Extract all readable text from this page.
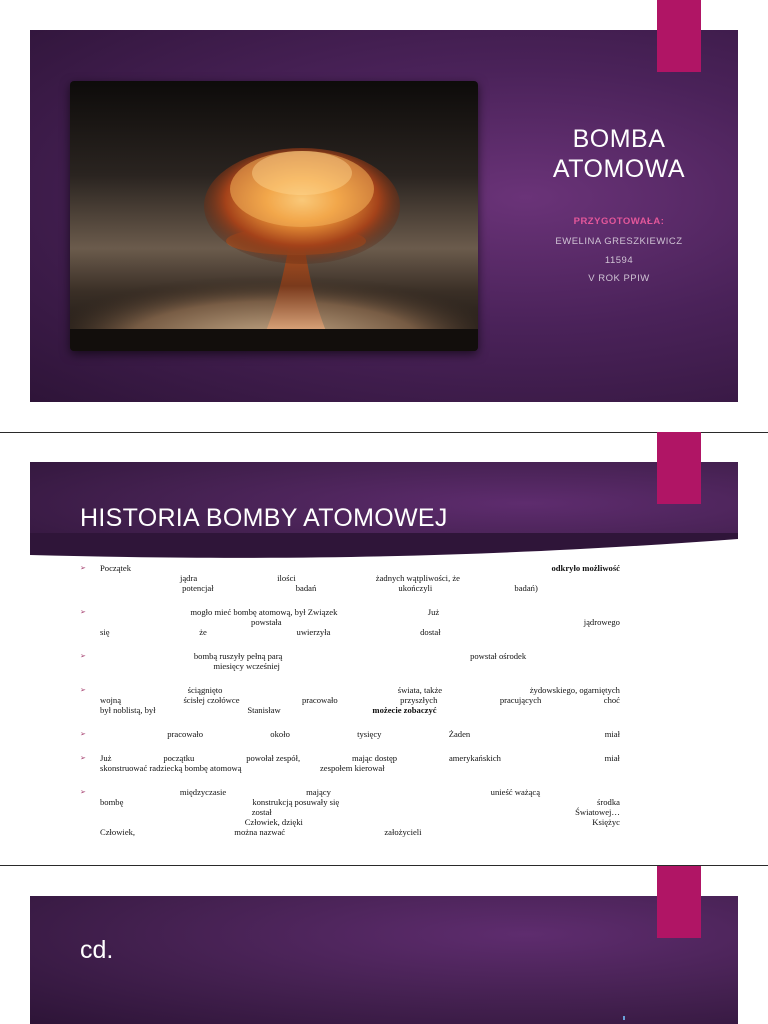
BOMBA
ATOMOWA
PRZYGOTOWAŁA:
EWELINA GRESZKIEWICZ
11594
V ROK PPIW
HISTORIA BOMBY ATOMOWEJ
➢ Początek	odkryło możliwość
jądra	ilości	żadnych wątpliwości, że
potencjał	badań	ukończyli	badań)
➢	mogło mieć bombę atomową, był Związek	Już
powstała	jądrowego
się	że	uwierzyła	dostał
➢	bombą ruszyły pełną parą	powstał ośrodek
miesięcy wcześniej
➢	ściągnięto	świata, także	żydowskiego, ogarniętych
wojną	ścisłej czołówce	pracowało	przyszłych	pracujących	choć
był noblistą, był	Stanisław	możecie zobaczyć
➢	pracowało	około	tysięcy	Żaden	miał
➢ Już	początku	powołał zespół,	mając dostęp	amerykańskich	miał
skonstruować radziecką bombę atomową	zespołem kierował
➢	międzyczasie	mający	unieść ważącą
bombę	konstrukcją posuwały się	środka
został	Światowej…
Człowiek, dzięki	Księżyc
Człowiek,	można nazwać	założycieli
cd.
